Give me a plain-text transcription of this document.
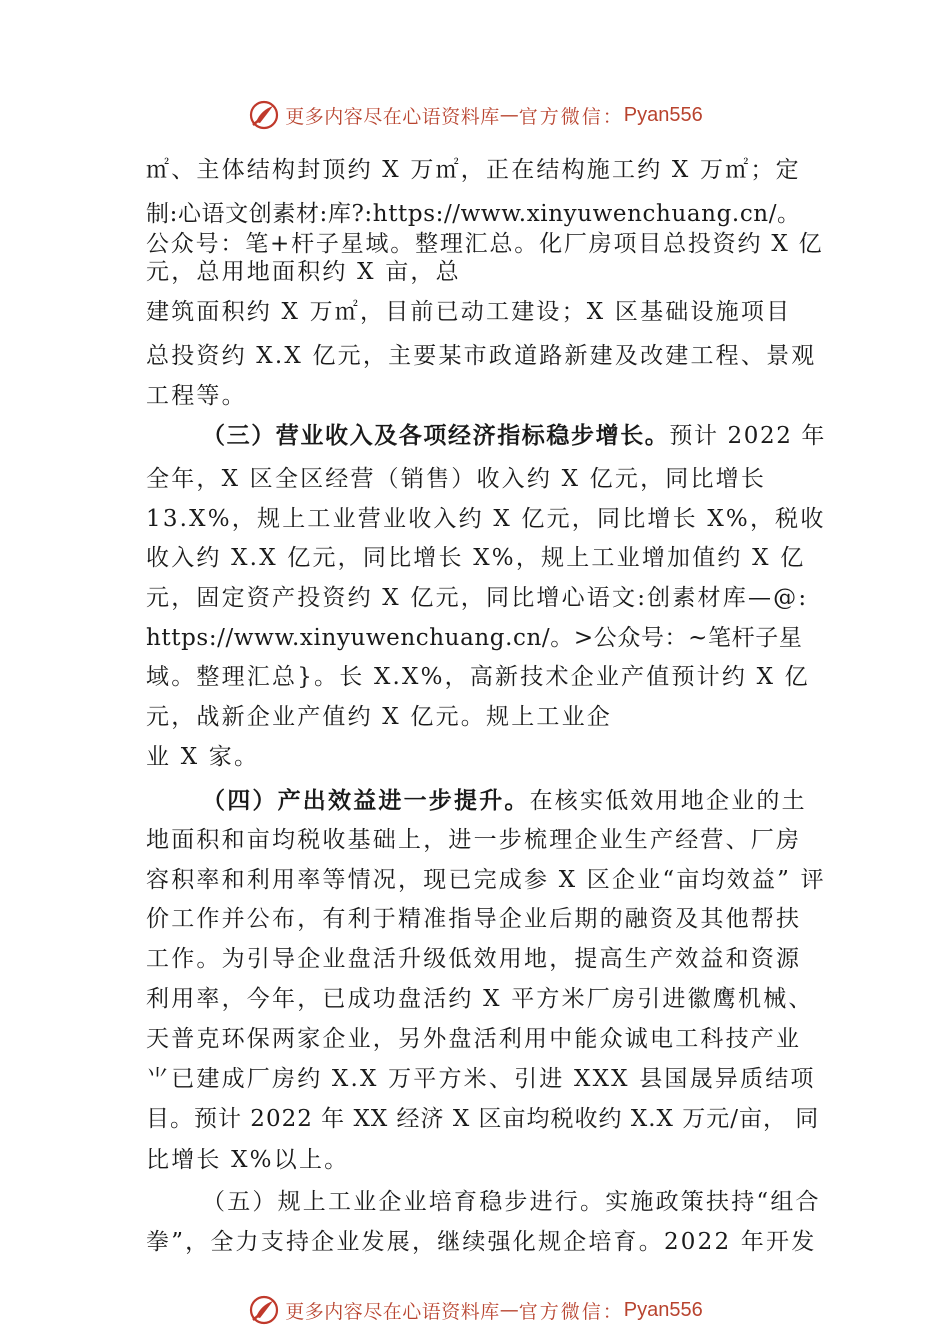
更多内容尽在心语资料库 — 官方微信： Pyan556
㎡、主体结构封顶约 X 万㎡，正在结构施工约 X 万㎡；定
制:心语文创素材:库?:https://www.xinyuwenchuang.cn/。
公众号：笔+杆子星域。整理汇总。化厂房项目总投资约 X 亿
元，总用地面积约 X 亩，总
建筑面积约 X 万㎡，目前已动工建设；X 区基础设施项目
总投资约 X.X 亿元，主要某市政道路新建及改建工程、景观
工程等。
（三）营业收入及各项经济指标稳步增长。预计 2022 年
全年，X 区全区经营（销售）收入约 X 亿元，同比增长
13.X%，规上工业营业收入约 X 亿元，同比增长 X%，税收
收入约 X.X 亿元，同比增长 X%，规上工业增加值约 X 亿
元，固定资产投资约 X 亿元，同比增心语文:创素材库—@:
https://www.xinyuwenchuang.cn/。>公众号：~笔杆子星
域。整理汇总}。长 X.X%，高新技术企业产值预计约 X 亿
元，战新企业产值约 X 亿元。规上工业企
业 X 家。
（四）产出效益进一步提升。在核实低效用地企业的土
地面积和亩均税收基础上，进一步梳理企业生产经营、厂房
容积率和利用率等情况，现已完成参 X 区企业“亩均效益” 评
价工作并公布，有利于精准指导企业后期的融资及其他帮扶
工作。为引导企业盘活升级低效用地，提高生产效益和资源
利用率，今年，已成功盘活约 X 平方米厂房引进徽鹰机械、
天普克环保两家企业，另外盘活利用中能众诚电工科技产业
⺌已建成厂房约 X.X 万平方米、引进 XXX 县国晟异质结项
目。预计 2022 年 XX 经济 X 区亩均税收约 X.X 万元/亩， 同
比增长 X%以上。
（五）规上工业企业培育稳步进行。实施政策扶持“组合
拳”，全力支持企业发展，继续强化规企培育。2022 年开发
更多内容尽在心语资料库 — 官方微信： Pyan556
